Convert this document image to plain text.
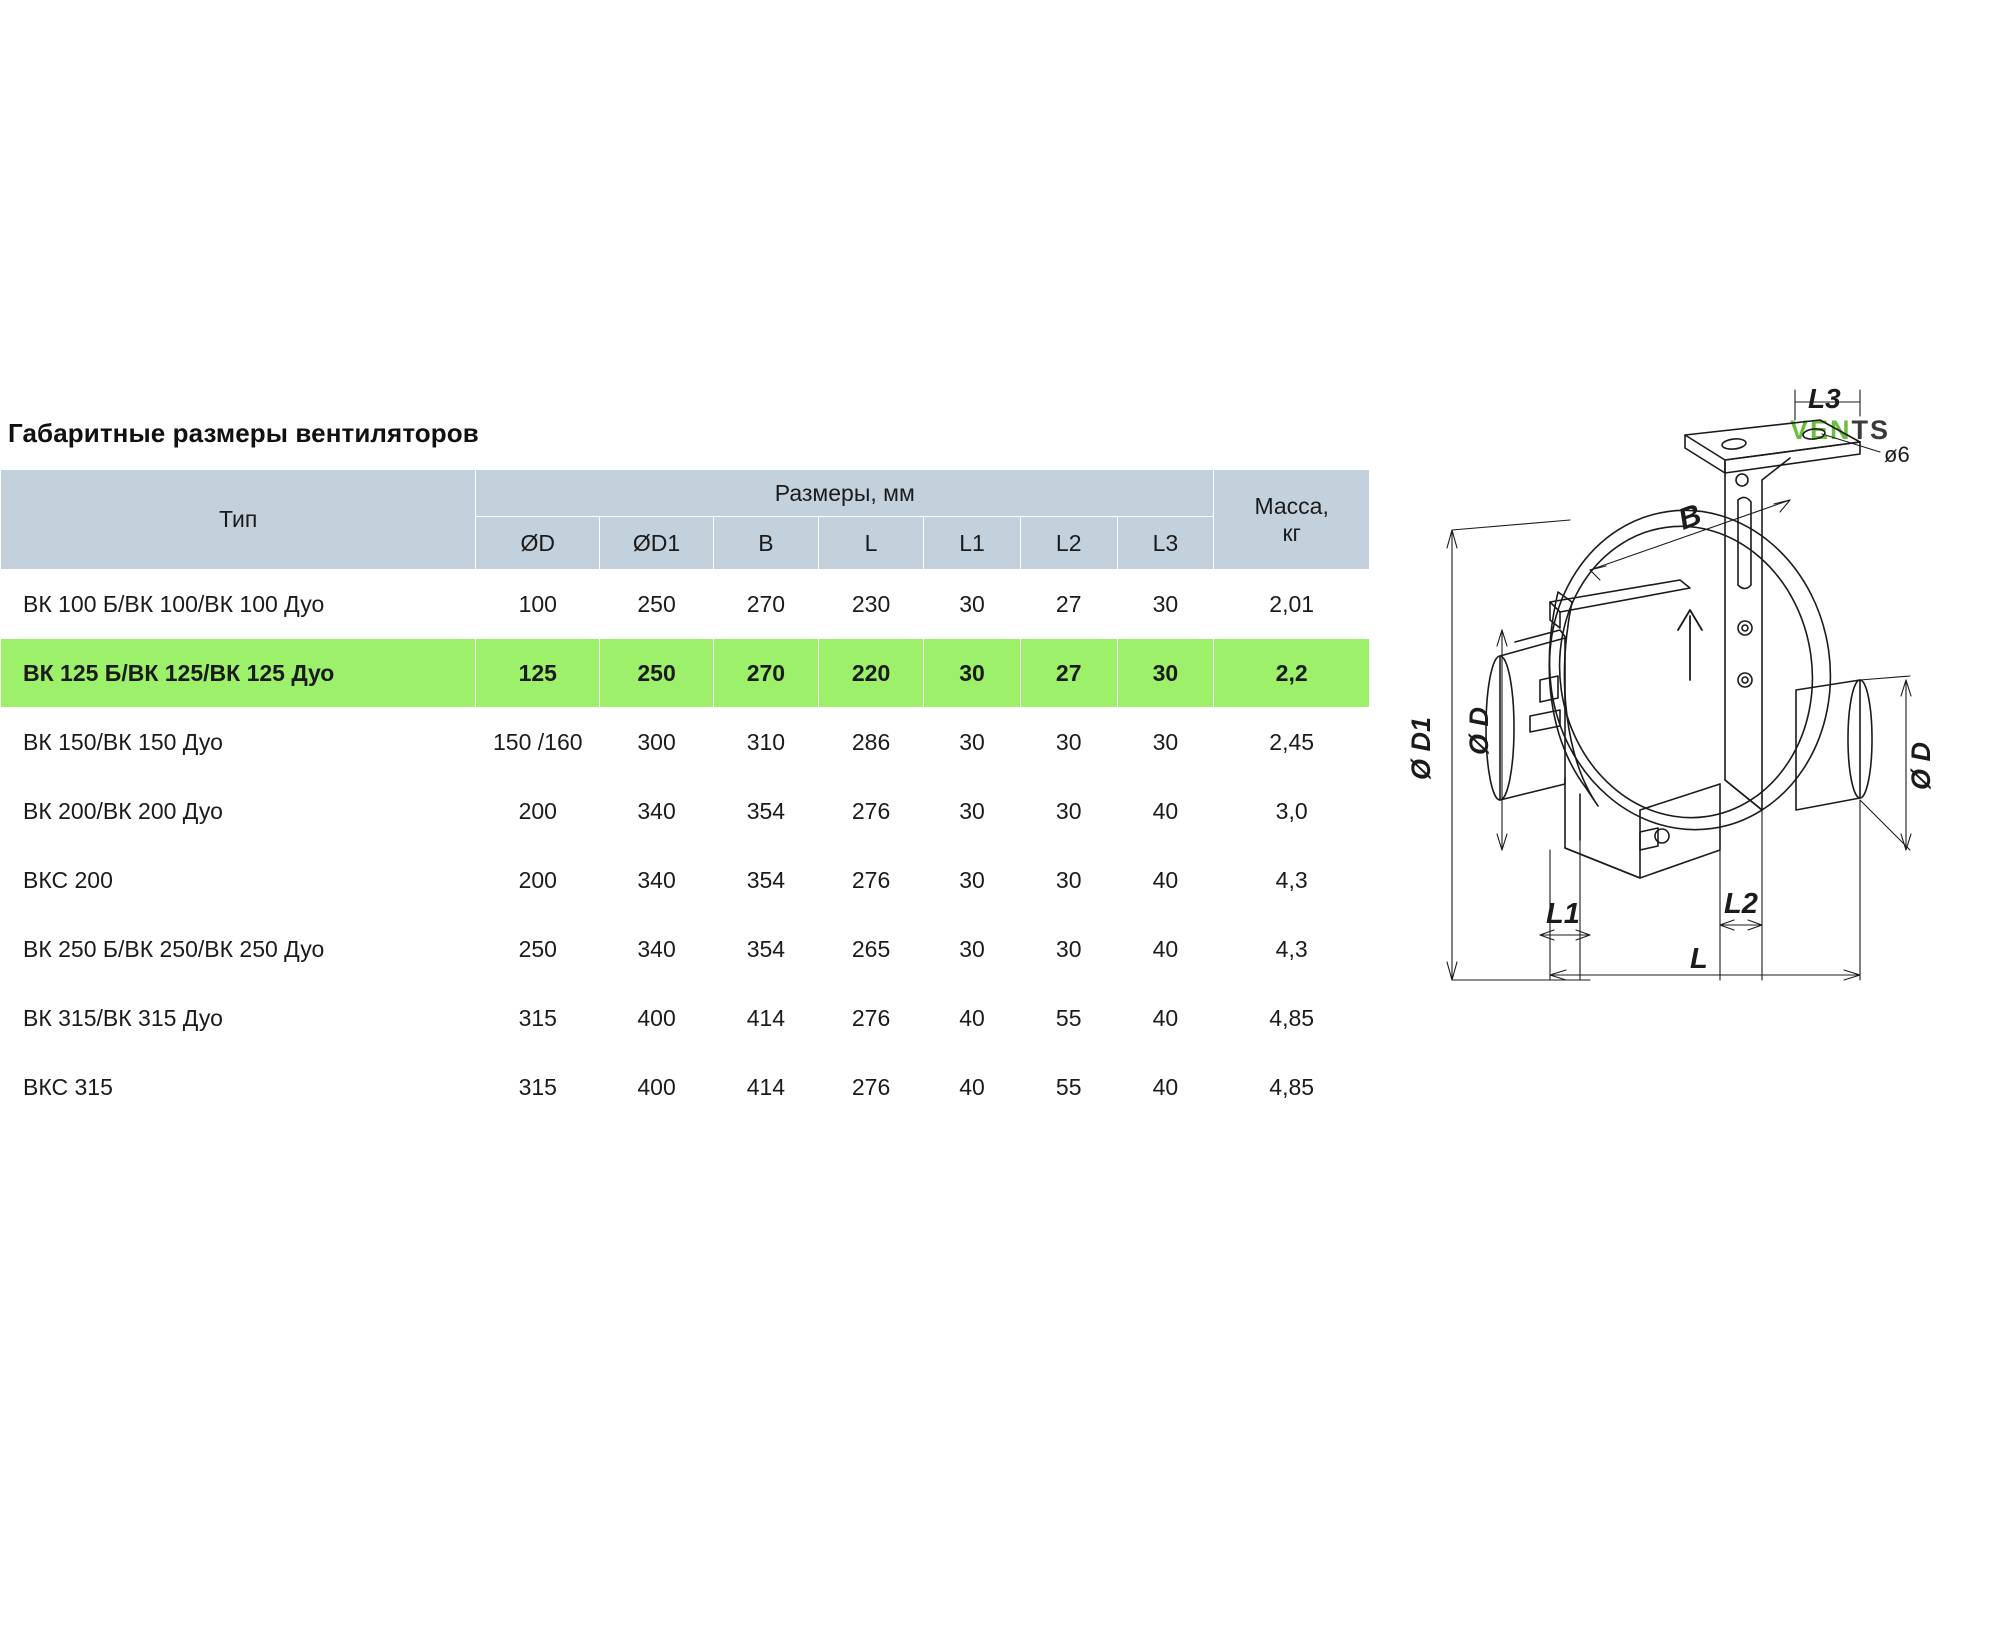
Габаритные размеры вентиляторов
Тип	Размеры, мм							Масса,
кг

	ØD	ØD1	B	L	L1	L2	L3	
ВК 100 Б/ВК 100/ВК 100 Дуо	100	250	270	230	30	27	30	2,01
ВК 125 Б/ВК 125/ВК 125 Дуо	125	250	270	220	30	27	30	2,2
ВК 150/ВК 150 Дуо	150 /160	300	310	286	30	30	30	2,45
ВК 200/ВК 200 Дуо	200	340	354	276	30	30	40	3,0
ВКС 200	200	340	354	276	30	30	40	4,3
ВК 250 Б/ВК 250/ВК 250 Дуо	250	340	354	265	30	30	40	4,3
ВК 315/ВК 315 Дуо	315	400	414	276	40	55	40	4,85
ВКС 315	315	400	414	276	40	55	40	4,85
VENTS
B
L3
ø6
Ø D1 Ø D
Ø D
L1	L2
L
